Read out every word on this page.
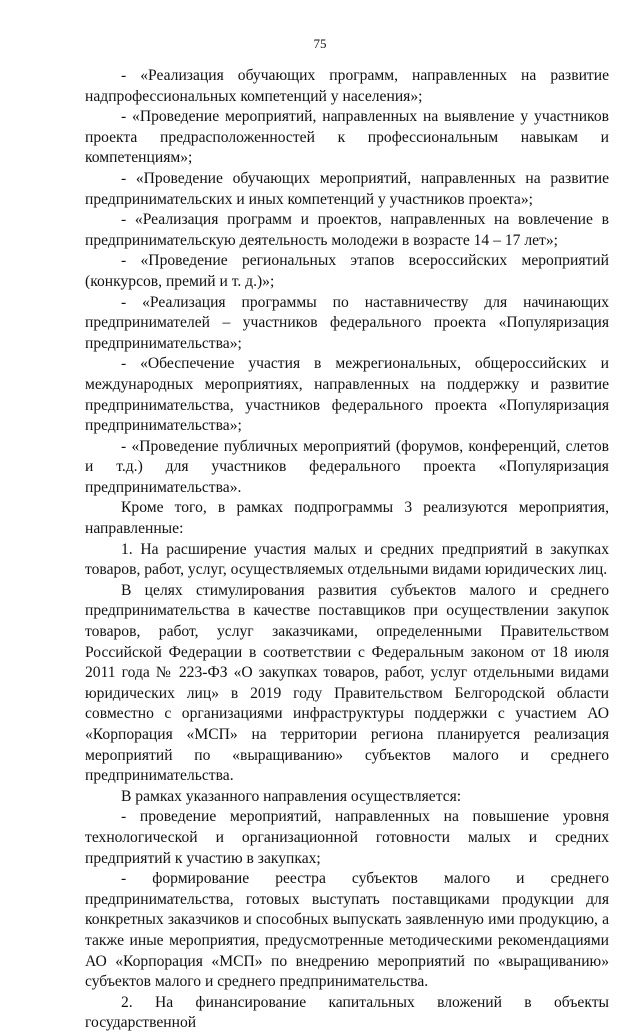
75

- «Реализация обучающих программ, направленных на развитие надпрофессиональных компетенций у населения»;

- «Проведение мероприятий, направленных на выявление у участников проекта предрасположенностей к профессиональным навыкам и компетенциям»;

- «Проведение обучающих мероприятий, направленных на развитие предпринимательских и иных компетенций у участников проекта»;

- «Реализация программ и проектов, направленных на вовлечение в предпринимательскую деятельность молодежи в возрасте 14 – 17 лет»;

- «Проведение региональных этапов всероссийских мероприятий (конкурсов, премий и т. д.)»;

- «Реализация программы по наставничеству для начинающих предпринимателей – участников федерального проекта «Популяризация предпринимательства»;

- «Обеспечение участия в межрегиональных, общероссийских и международных мероприятиях, направленных на поддержку и развитие предпринимательства, участников федерального проекта «Популяризация предпринимательства»;

- «Проведение публичных мероприятий (форумов, конференций, слетов и т.д.) для участников федерального проекта «Популяризация предпринимательства».

Кроме того, в рамках подпрограммы 3 реализуются мероприятия, направленные:

1. На расширение участия малых и средних предприятий в закупках товаров, работ, услуг, осуществляемых отдельными видами юридических лиц.

В целях стимулирования развития субъектов малого и среднего предпринимательства в качестве поставщиков при осуществлении закупок товаров, работ, услуг заказчиками, определенными Правительством Российской Федерации в соответствии с Федеральным законом от 18 июля 2011 года № 223-ФЗ «О закупках товаров, работ, услуг отдельными видами юридических лиц» в 2019 году Правительством Белгородской области совместно с организациями инфраструктуры поддержки с участием АО «Корпорация «МСП» на территории региона планируется реализация мероприятий по «выращиванию» субъектов малого и среднего предпринимательства.

В рамках указанного направления осуществляется:

- проведение мероприятий, направленных на повышение уровня технологической и организационной готовности малых и средних предприятий к участию в закупках;

- формирование реестра субъектов малого и среднего предпринимательства, готовых выступать поставщиками продукции для конкретных заказчиков и способных выпускать заявленную ими продукцию, а также иные мероприятия, предусмотренные методическими рекомендациями АО «Корпорация «МСП» по внедрению мероприятий по «выращиванию» субъектов малого и среднего предпринимательства.

2. На финансирование капитальных вложений в объекты государственной
